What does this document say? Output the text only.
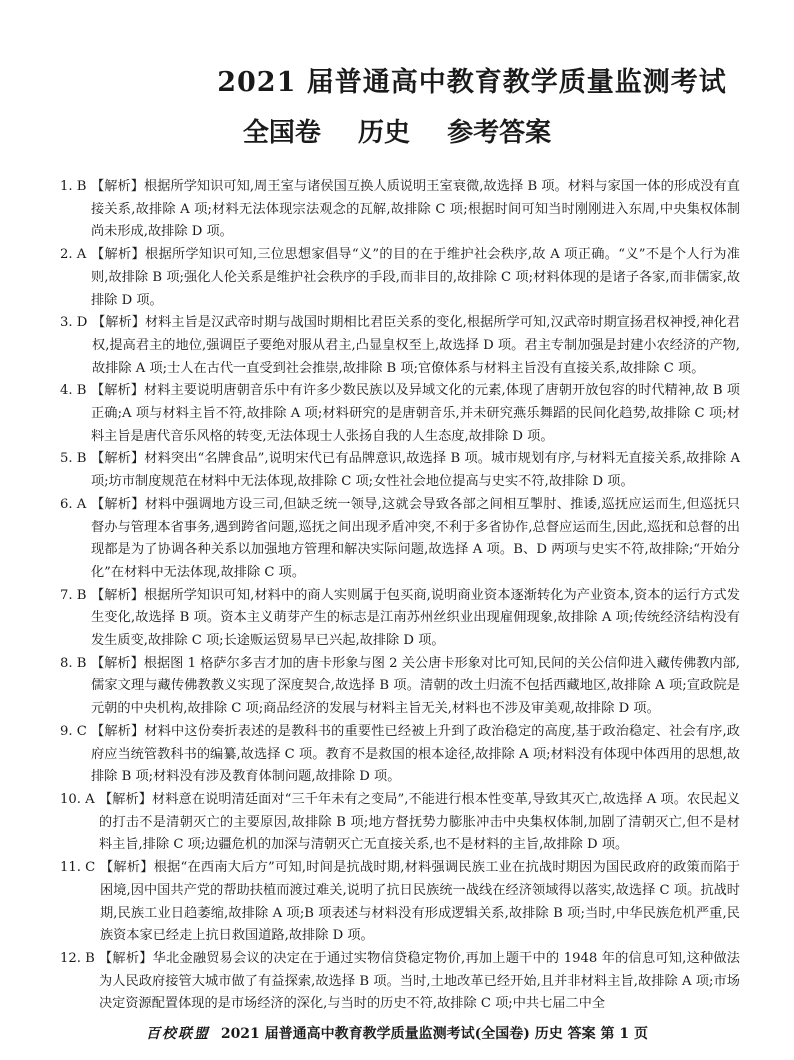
2021 届普通高中教育教学质量监测考试
全国卷 历史 参考答案
1. B 【解析】根据所学知识可知,周王室与诸侯国互换人质说明王室衰微,故选择 B 项。材料与家国一体的形成没有直接关系,故排除 A 项;材料无法体现宗法观念的瓦解,故排除 C 项;根据时间可知当时刚刚进入东周,中央集权体制尚未形成,故排除 D 项。
2. A 【解析】根据所学知识可知,三位思想家倡导“义”的目的在于维护社会秩序,故 A 项正确。“义”不是个人行为准则,故排除 B 项;强化人伦关系是维护社会秩序的手段,而非目的,故排除 C 项;材料体现的是诸子各家,而非儒家,故排除 D 项。
3. D 【解析】材料主旨是汉武帝时期与战国时期相比君臣关系的变化,根据所学可知,汉武帝时期宣扬君权神授,神化君权,提高君主的地位,强调臣子要绝对服从君主,凸显皇权至上,故选择 D 项。君主专制加强是封建小农经济的产物,故排除 A 项;士人在古代一直受到社会推崇,故排除 B 项;官僚体系与材料主旨没有直接关系,故排除 C 项。
4. B 【解析】材料主要说明唐朝音乐中有许多少数民族以及异域文化的元素,体现了唐朝开放包容的时代精神,故 B 项正确;A 项与材料主旨不符,故排除 A 项;材料研究的是唐朝音乐,并未研究燕乐舞蹈的民间化趋势,故排除 C 项;材料主旨是唐代音乐风格的转变,无法体现士人张扬自我的人生态度,故排除 D 项。
5. B 【解析】材料突出“名牌食品”,说明宋代已有品牌意识,故选择 B 项。城市规划有序,与材料无直接关系,故排除 A 项;坊市制度规范在材料中无法体现,故排除 C 项;女性社会地位提高与史实不符,故排除 D 项。
6. A 【解析】材料中强调地方设三司,但缺乏统一领导,这就会导致各部之间相互掣肘、推诿,巡抚应运而生,但巡抚只督办与管理本省事务,遇到跨省问题,巡抚之间出现矛盾冲突,不利于多省协作,总督应运而生,因此,巡抚和总督的出现都是为了协调各种关系以加强地方管理和解决实际问题,故选择 A 项。B、D 两项与史实不符,故排除;“开始分化”在材料中无法体现,故排除 C 项。
7. B 【解析】根据所学知识可知,材料中的商人实则属于包买商,说明商业资本逐渐转化为产业资本,资本的运行方式发生变化,故选择 B 项。资本主义萌芽产生的标志是江南苏州丝织业出现雇佣现象,故排除 A 项;传统经济结构没有发生质变,故排除 C 项;长途贩运贸易早已兴起,故排除 D 项。
8. B 【解析】根据图 1 格萨尔多吉才加的唐卡形象与图 2 关公唐卡形象对比可知,民间的关公信仰进入藏传佛教内部,儒家文理与藏传佛教教义实现了深度契合,故选择 B 项。清朝的改土归流不包括西藏地区,故排除 A 项;宣政院是元朝的中央机构,故排除 C 项;商品经济的发展与材料主旨无关,材料也不涉及审美观,故排除 D 项。
9. C 【解析】材料中这份奏折表述的是教科书的重要性已经被上升到了政治稳定的高度,基于政治稳定、社会有序,政府应当统管教科书的编纂,故选择 C 项。教育不是救国的根本途径,故排除 A 项;材料没有体现中体西用的思想,故排除 B 项;材料没有涉及教育体制问题,故排除 D 项。
10. A 【解析】材料意在说明清廷面对“三千年未有之变局”,不能进行根本性变革,导致其灭亡,故选择 A 项。农民起义的打击不是清朝灭亡的主要原因,故排除 B 项;地方督抚势力膨胀冲击中央集权体制,加剧了清朝灭亡,但不是材料主旨,排除 C 项;边疆危机的加深与清朝灭亡无直接关系,也不是材料的主旨,故排除 D 项。
11. C 【解析】根据“在西南大后方”可知,时间是抗战时期,材料强调民族工业在抗战时期因为国民政府的政策而陷于困境,因中国共产党的帮助扶植而渡过难关,说明了抗日民族统一战线在经济领域得以落实,故选择 C 项。抗战时期,民族工业日趋萎缩,故排除 A 项;B 项表述与材料没有形成逻辑关系,故排除 B 项;当时,中华民族危机严重,民族资本家已经走上抗日救国道路,故排除 D 项。
12. B 【解析】华北金融贸易会议的决定在于通过实物信贷稳定物价,再加上题干中的 1948 年的信息可知,这种做法为人民政府接管大城市做了有益探索,故选择 B 项。当时,土地改革已经开始,且并非材料主旨,故排除 A 项;市场决定资源配置体现的是市场经济的深化,与当时的历史不符,故排除 C 项;中共七届二中全
百校联盟 2021 届普通高中教育教学质量监测考试(全国卷) 历史 答案 第 1 页
